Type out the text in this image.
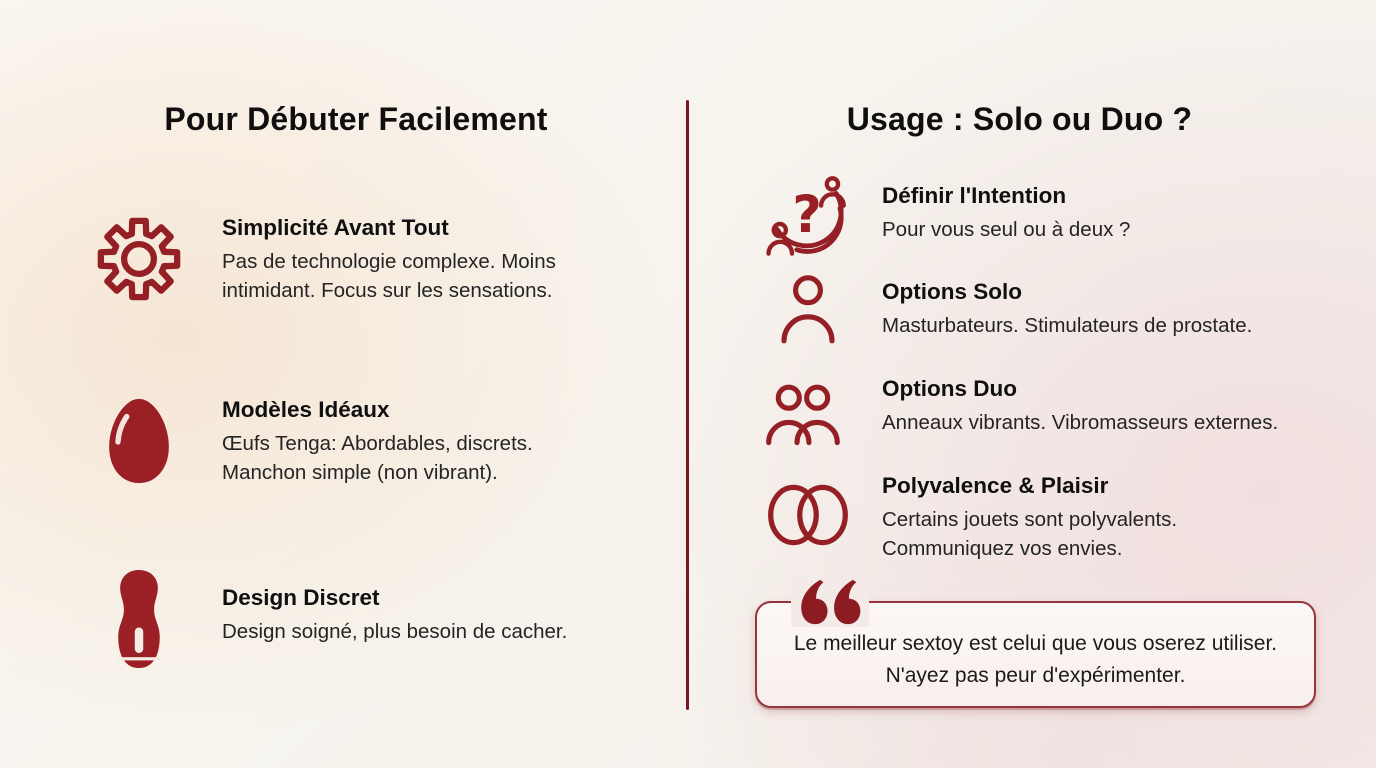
Pour Débuter Facilement	Usage : Solo ou Duo ?
Simplicité Avant Tout
Pas de technologie complexe. Moins intimidant. Focus sur les sensations.
Modèles Idéaux
Œufs Tenga: Abordables, discrets. Manchon simple (non vibrant).
Design Discret
Design soigné, plus besoin de cacher.
?	Définir l'Intention
Pour vous seul ou à deux ?
Options Solo
Masturbateurs. Stimulateurs de prostate.
Options Duo
Anneaux vibrants. Vibromasseurs externes.
Polyvalence & Plaisir
Certains jouets sont polyvalents. Communiquez vos envies.
Le meilleur sextoy est celui que vous oserez utiliser. N'ayez pas peur d'expérimenter.
